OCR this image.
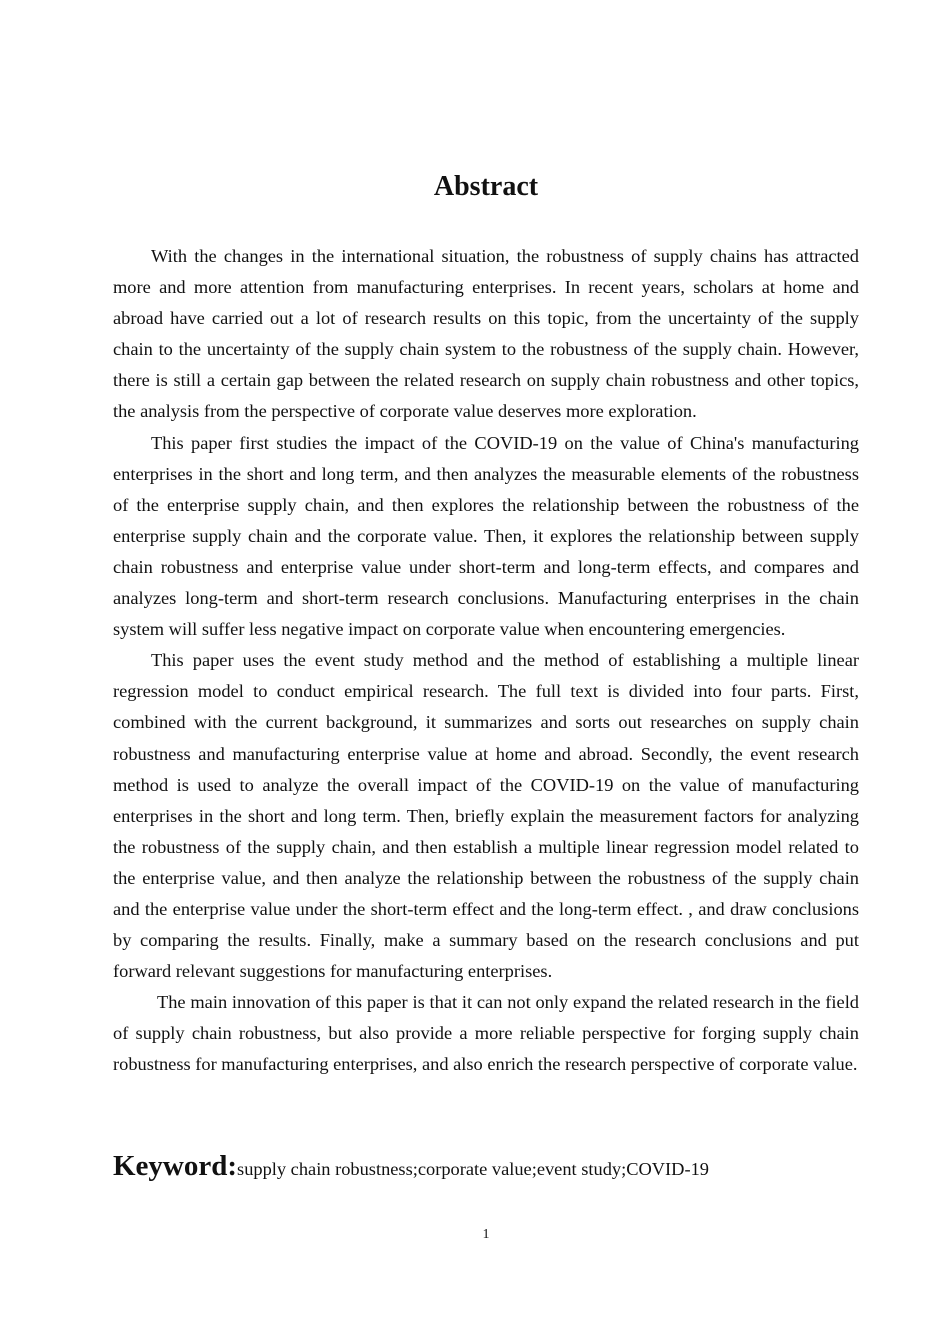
Abstract

With the changes in the international situation, the robustness of supply chains has attracted more and more attention from manufacturing enterprises. In recent years, scholars at home and abroad have carried out a lot of research results on this topic, from the uncertainty of the supply chain to the uncertainty of the supply chain system to the robustness of the supply chain. However, there is still a certain gap between the related research on supply chain robustness and other topics, the analysis from the perspective of corporate value deserves more exploration.

This paper first studies the impact of the COVID-19 on the value of China's manufacturing enterprises in the short and long term, and then analyzes the measurable elements of the robustness of the enterprise supply chain, and then explores the relationship between the robustness of the enterprise supply chain and the corporate value. Then, it explores the relationship between supply chain robustness and enterprise value under short-term and long-term effects, and compares and analyzes long-term and short-term research conclusions. Manufacturing enterprises in the chain system will suffer less negative impact on corporate value when encountering emergencies.

This paper uses the event study method and the method of establishing a multiple linear regression model to conduct empirical research. The full text is divided into four parts. First, combined with the current background, it summarizes and sorts out researches on supply chain robustness and manufacturing enterprise value at home and abroad. Secondly, the event research method is used to analyze the overall impact of the COVID-19 on the value of manufacturing enterprises in the short and long term. Then, briefly explain the measurement factors for analyzing the robustness of the supply chain, and then establish a multiple linear regression model related to the enterprise value, and then analyze the relationship between the robustness of the supply chain and the enterprise value under the short-term effect and the long-term effect. , and draw conclusions by comparing the results. Finally, make a summary based on the research conclusions and put forward relevant suggestions for manufacturing enterprises.

The main innovation of this paper is that it can not only expand the related research in the field of supply chain robustness, but also provide a more reliable perspective for forging supply chain robustness for manufacturing enterprises, and also enrich the research perspective of corporate value.

Keyword:supply chain robustness;corporate value;event study;COVID-19
1
